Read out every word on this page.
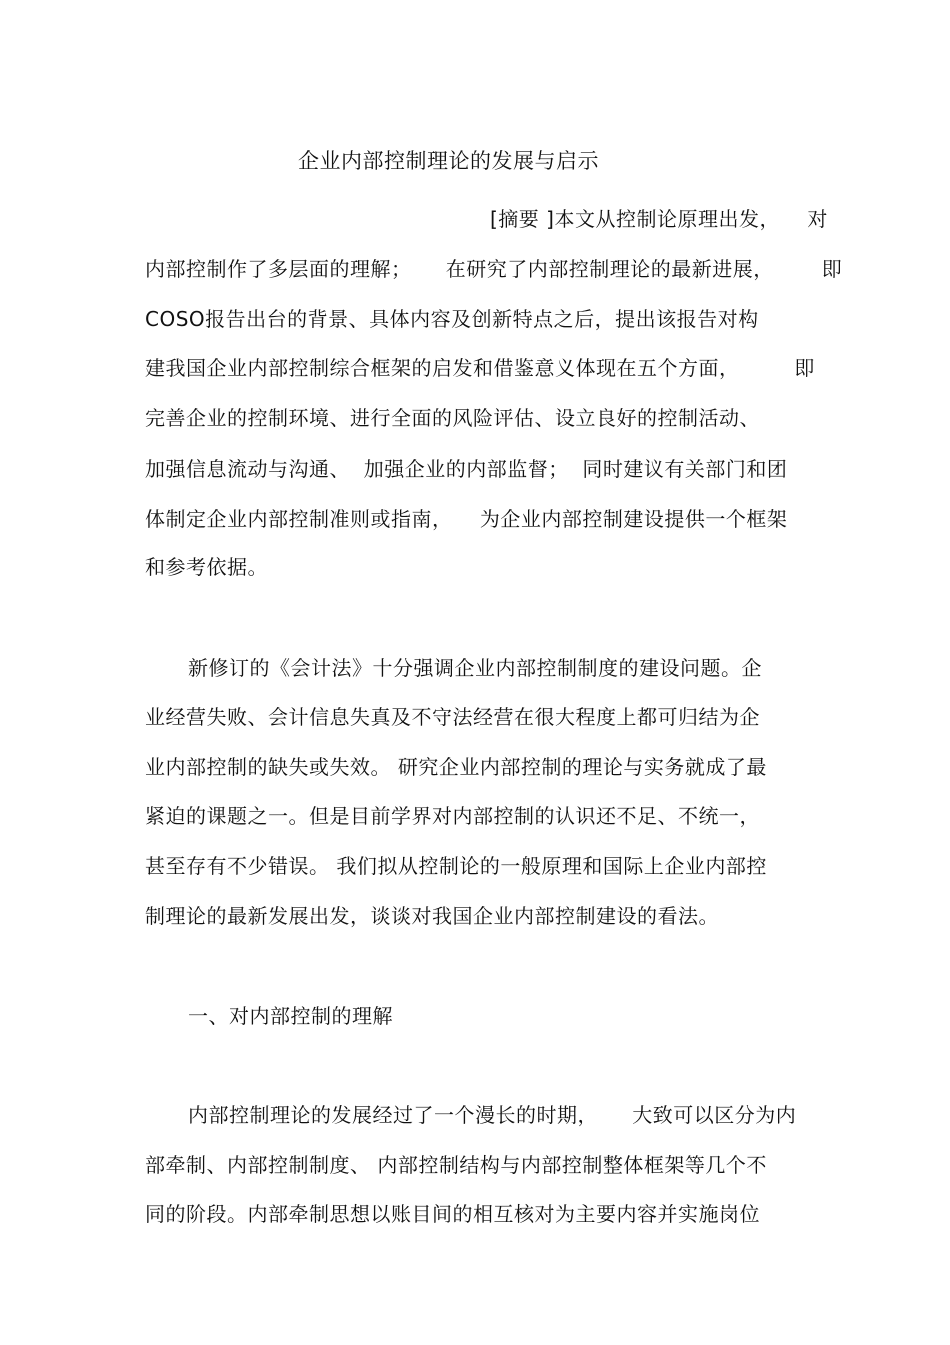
企业内部控制理论的发展与启示
[摘要 ]本文从控制论原理出发，    对
内部控制作了多层面的理解；     在研究了内部控制理论的最新进展，       即
COSO报告出台的背景、具体内容及创新特点之后，提出该报告对构
建我国企业内部控制综合框架的启发和借鉴意义体现在五个方面，        即
完善企业的控制环境、进行全面的风险评估、设立良好的控制活动、
加强信息流动与沟通、  加强企业的内部监督；  同时建议有关部门和团
体制定企业内部控制准则或指南，    为企业内部控制建设提供一个框架
和参考依据。
新修订的《会计法》十分强调企业内部控制制度的建设问题。企
业经营失败、会计信息失真及不守法经营在很大程度上都可归结为企
业内部控制的缺失或失效。 研究企业内部控制的理论与实务就成了最
紧迫的课题之一。但是目前学界对内部控制的认识还不足、不统一，
甚至存有不少错误。 我们拟从控制论的一般原理和国际上企业内部控
制理论的最新发展出发，谈谈对我国企业内部控制建设的看法。
一、对内部控制的理解
内部控制理论的发展经过了一个漫长的时期，     大致可以区分为内
部牵制、内部控制制度、 内部控制结构与内部控制整体框架等几个不
同的阶段。内部牵制思想以账目间的相互核对为主要内容并实施岗位
